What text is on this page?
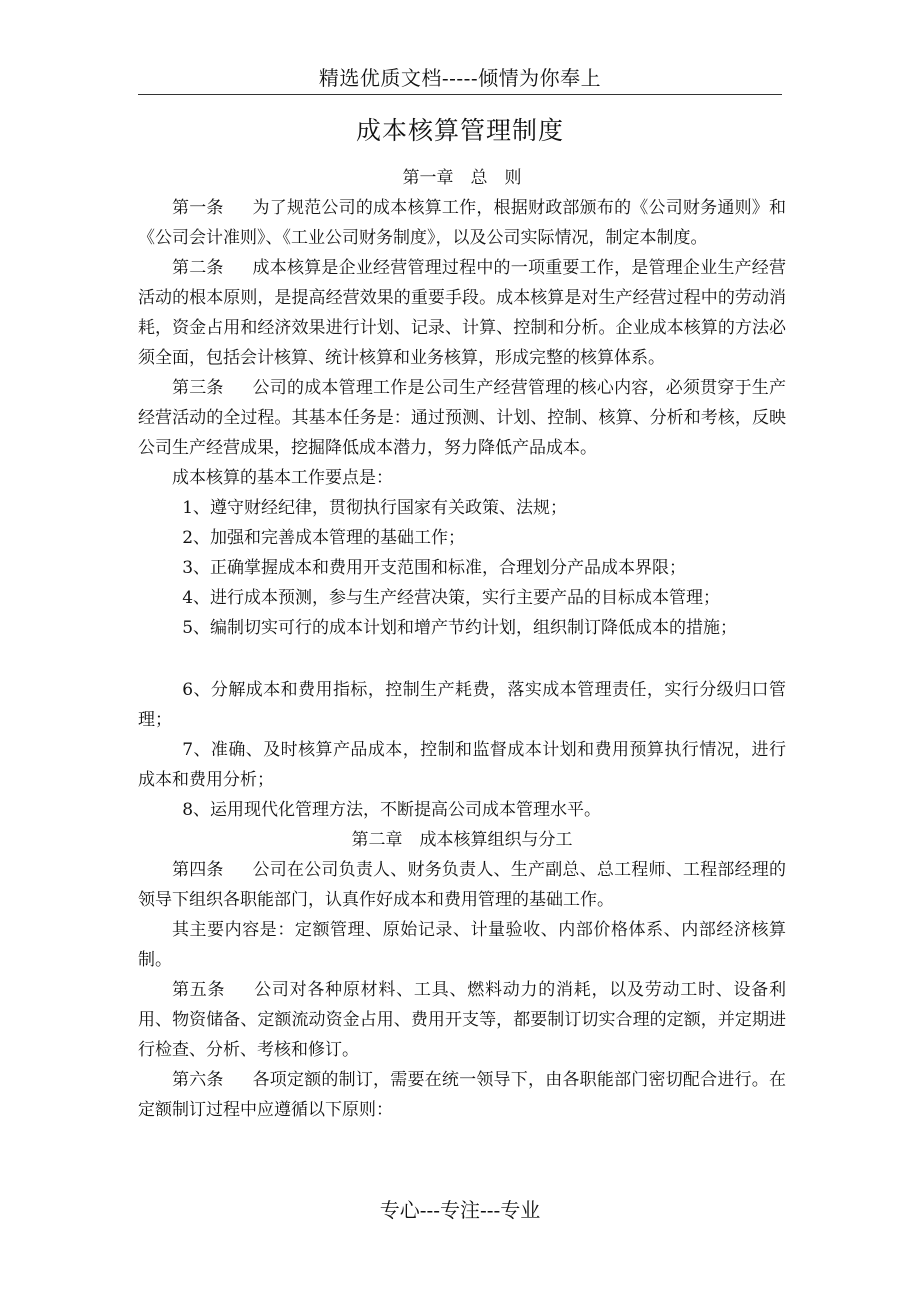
精选优质文档-----倾情为你奉上
成本核算管理制度

第一章　总　则

第一条 为了规范公司的成本核算工作，根据财政部颁布的《公司财务通则》和《公司会计准则》、《工业公司财务制度》，以及公司实际情况，制定本制度。

第二条 成本核算是企业经营管理过程中的一项重要工作，是管理企业生产经营活动的根本原则，是提高经营效果的重要手段。成本核算是对生产经营过程中的劳动消耗，资金占用和经济效果进行计划、记录、计算、控制和分析。企业成本核算的方法必须全面，包括会计核算、统计核算和业务核算，形成完整的核算体系。

第三条 公司的成本管理工作是公司生产经营管理的核心内容，必须贯穿于生产经营活动的全过程。其基本任务是：通过预测、计划、控制、核算、分析和考核，反映公司生产经营成果，挖掘降低成本潜力，努力降低产品成本。

成本核算的基本工作要点是：

1、遵守财经纪律，贯彻执行国家有关政策、法规；

2、加强和完善成本管理的基础工作；

3、正确掌握成本和费用开支范围和标准，合理划分产品成本界限；

4、进行成本预测，参与生产经营决策，实行主要产品的目标成本管理；

5、编制切实可行的成本计划和增产节约计划，组织制订降低成本的措施；

6、分解成本和费用指标，控制生产耗费，落实成本管理责任，实行分级归口管理；

7、准确、及时核算产品成本，控制和监督成本计划和费用预算执行情况，进行成本和费用分析；

8、运用现代化管理方法，不断提高公司成本管理水平。

第二章　成本核算组织与分工

第四条 公司在公司负责人、财务负责人、生产副总、总工程师、工程部经理的领导下组织各职能部门，认真作好成本和费用管理的基础工作。

其主要内容是：定额管理、原始记录、计量验收、内部价格体系、内部经济核算制。

第五条 公司对各种原材料、工具、燃料动力的消耗，以及劳动工时、设备利用、物资储备、定额流动资金占用、费用开支等，都要制订切实合理的定额，并定期进行检查、分析、考核和修订。

第六条 各项定额的制订，需要在统一领导下，由各职能部门密切配合进行。在定额制订过程中应遵循以下原则：

专心---专注---专业
